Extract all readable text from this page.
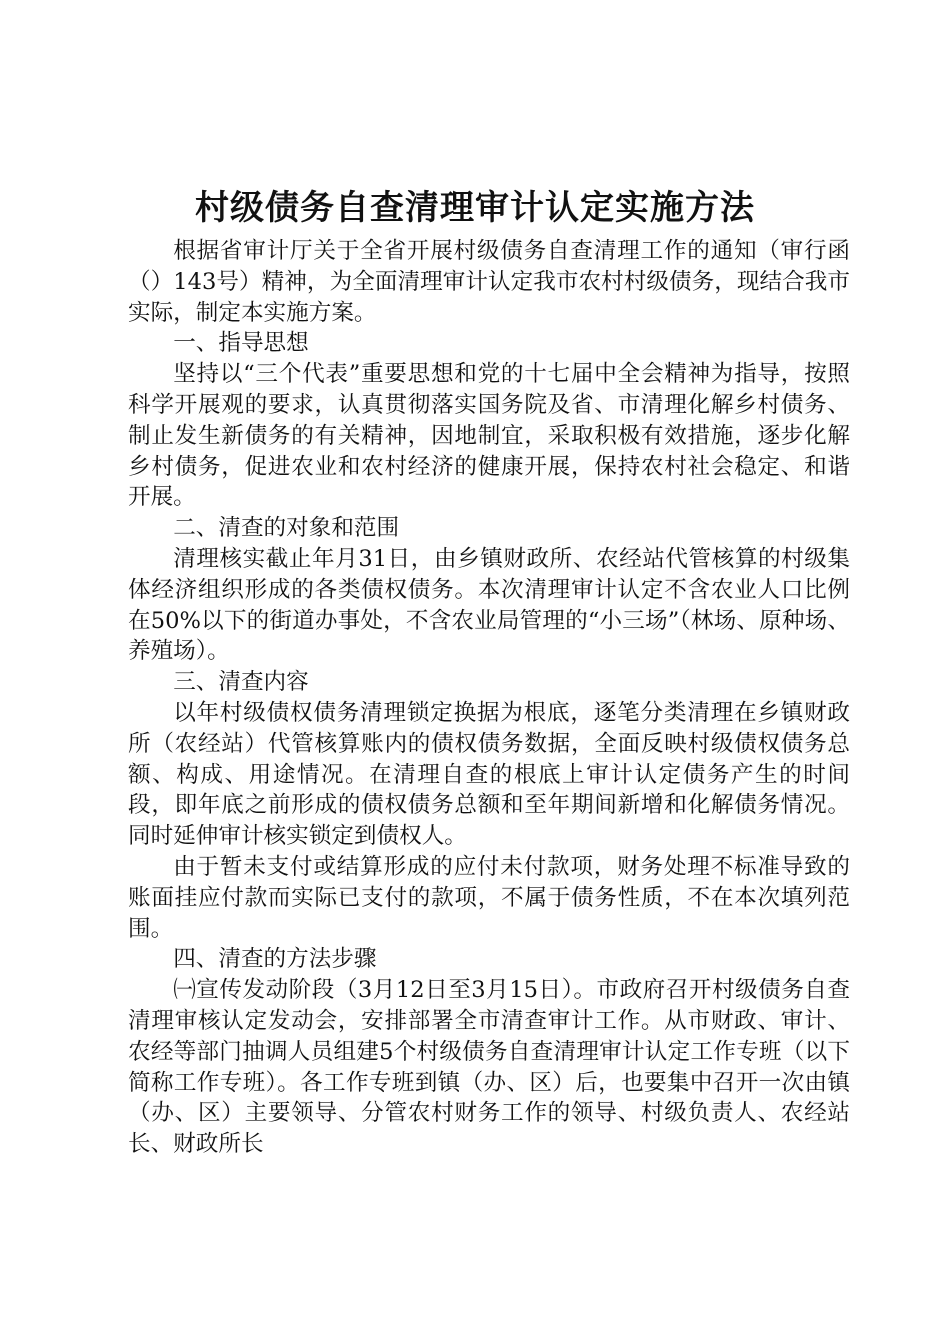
村级债务自查清理审计认定实施方法

根据省审计厅关于全省开展村级债务自查清理工作的通知（审行函（）143号）精神，为全面清理审计认定我市农村村级债务，现结合我市实际，制定本实施方案。

一、指导思想

坚持以“三个代表”重要思想和党的十七届中全会精神为指导，按照科学开展观的要求，认真贯彻落实国务院及省、市清理化解乡村债务、制止发生新债务的有关精神，因地制宜，采取积极有效措施，逐步化解乡村债务，促进农业和农村经济的健康开展，保持农村社会稳定、和谐开展。

二、清查的对象和范围

清理核实截止年月31日，由乡镇财政所、农经站代管核算的村级集体经济组织形成的各类债权债务。本次清理审计认定不含农业人口比例在50%以下的街道办事处，不含农业局管理的“小三场”（林场、原种场、养殖场）。

三、清查内容

以年村级债权债务清理锁定换据为根底，逐笔分类清理在乡镇财政所（农经站）代管核算账内的债权债务数据，全面反映村级债权债务总额、构成、用途情况。在清理自查的根底上审计认定债务产生的时间段，即年底之前形成的债权债务总额和至年期间新增和化解债务情况。同时延伸审计核实锁定到债权人。

由于暂未支付或结算形成的应付未付款项，财务处理不标准导致的账面挂应付款而实际已支付的款项，不属于债务性质，不在本次填列范围。

四、清查的方法步骤

㈠宣传发动阶段（3月12日至3月15日）。市政府召开村级债务自查清理审核认定发动会，安排部署全市清查审计工作。从市财政、审计、农经等部门抽调人员组建5个村级债务自查清理审计认定工作专班（以下简称工作专班）。各工作专班到镇（办、区）后，也要集中召开一次由镇（办、区）主要领导、分管农村财务工作的领导、村级负责人、农经站长、财政所长
